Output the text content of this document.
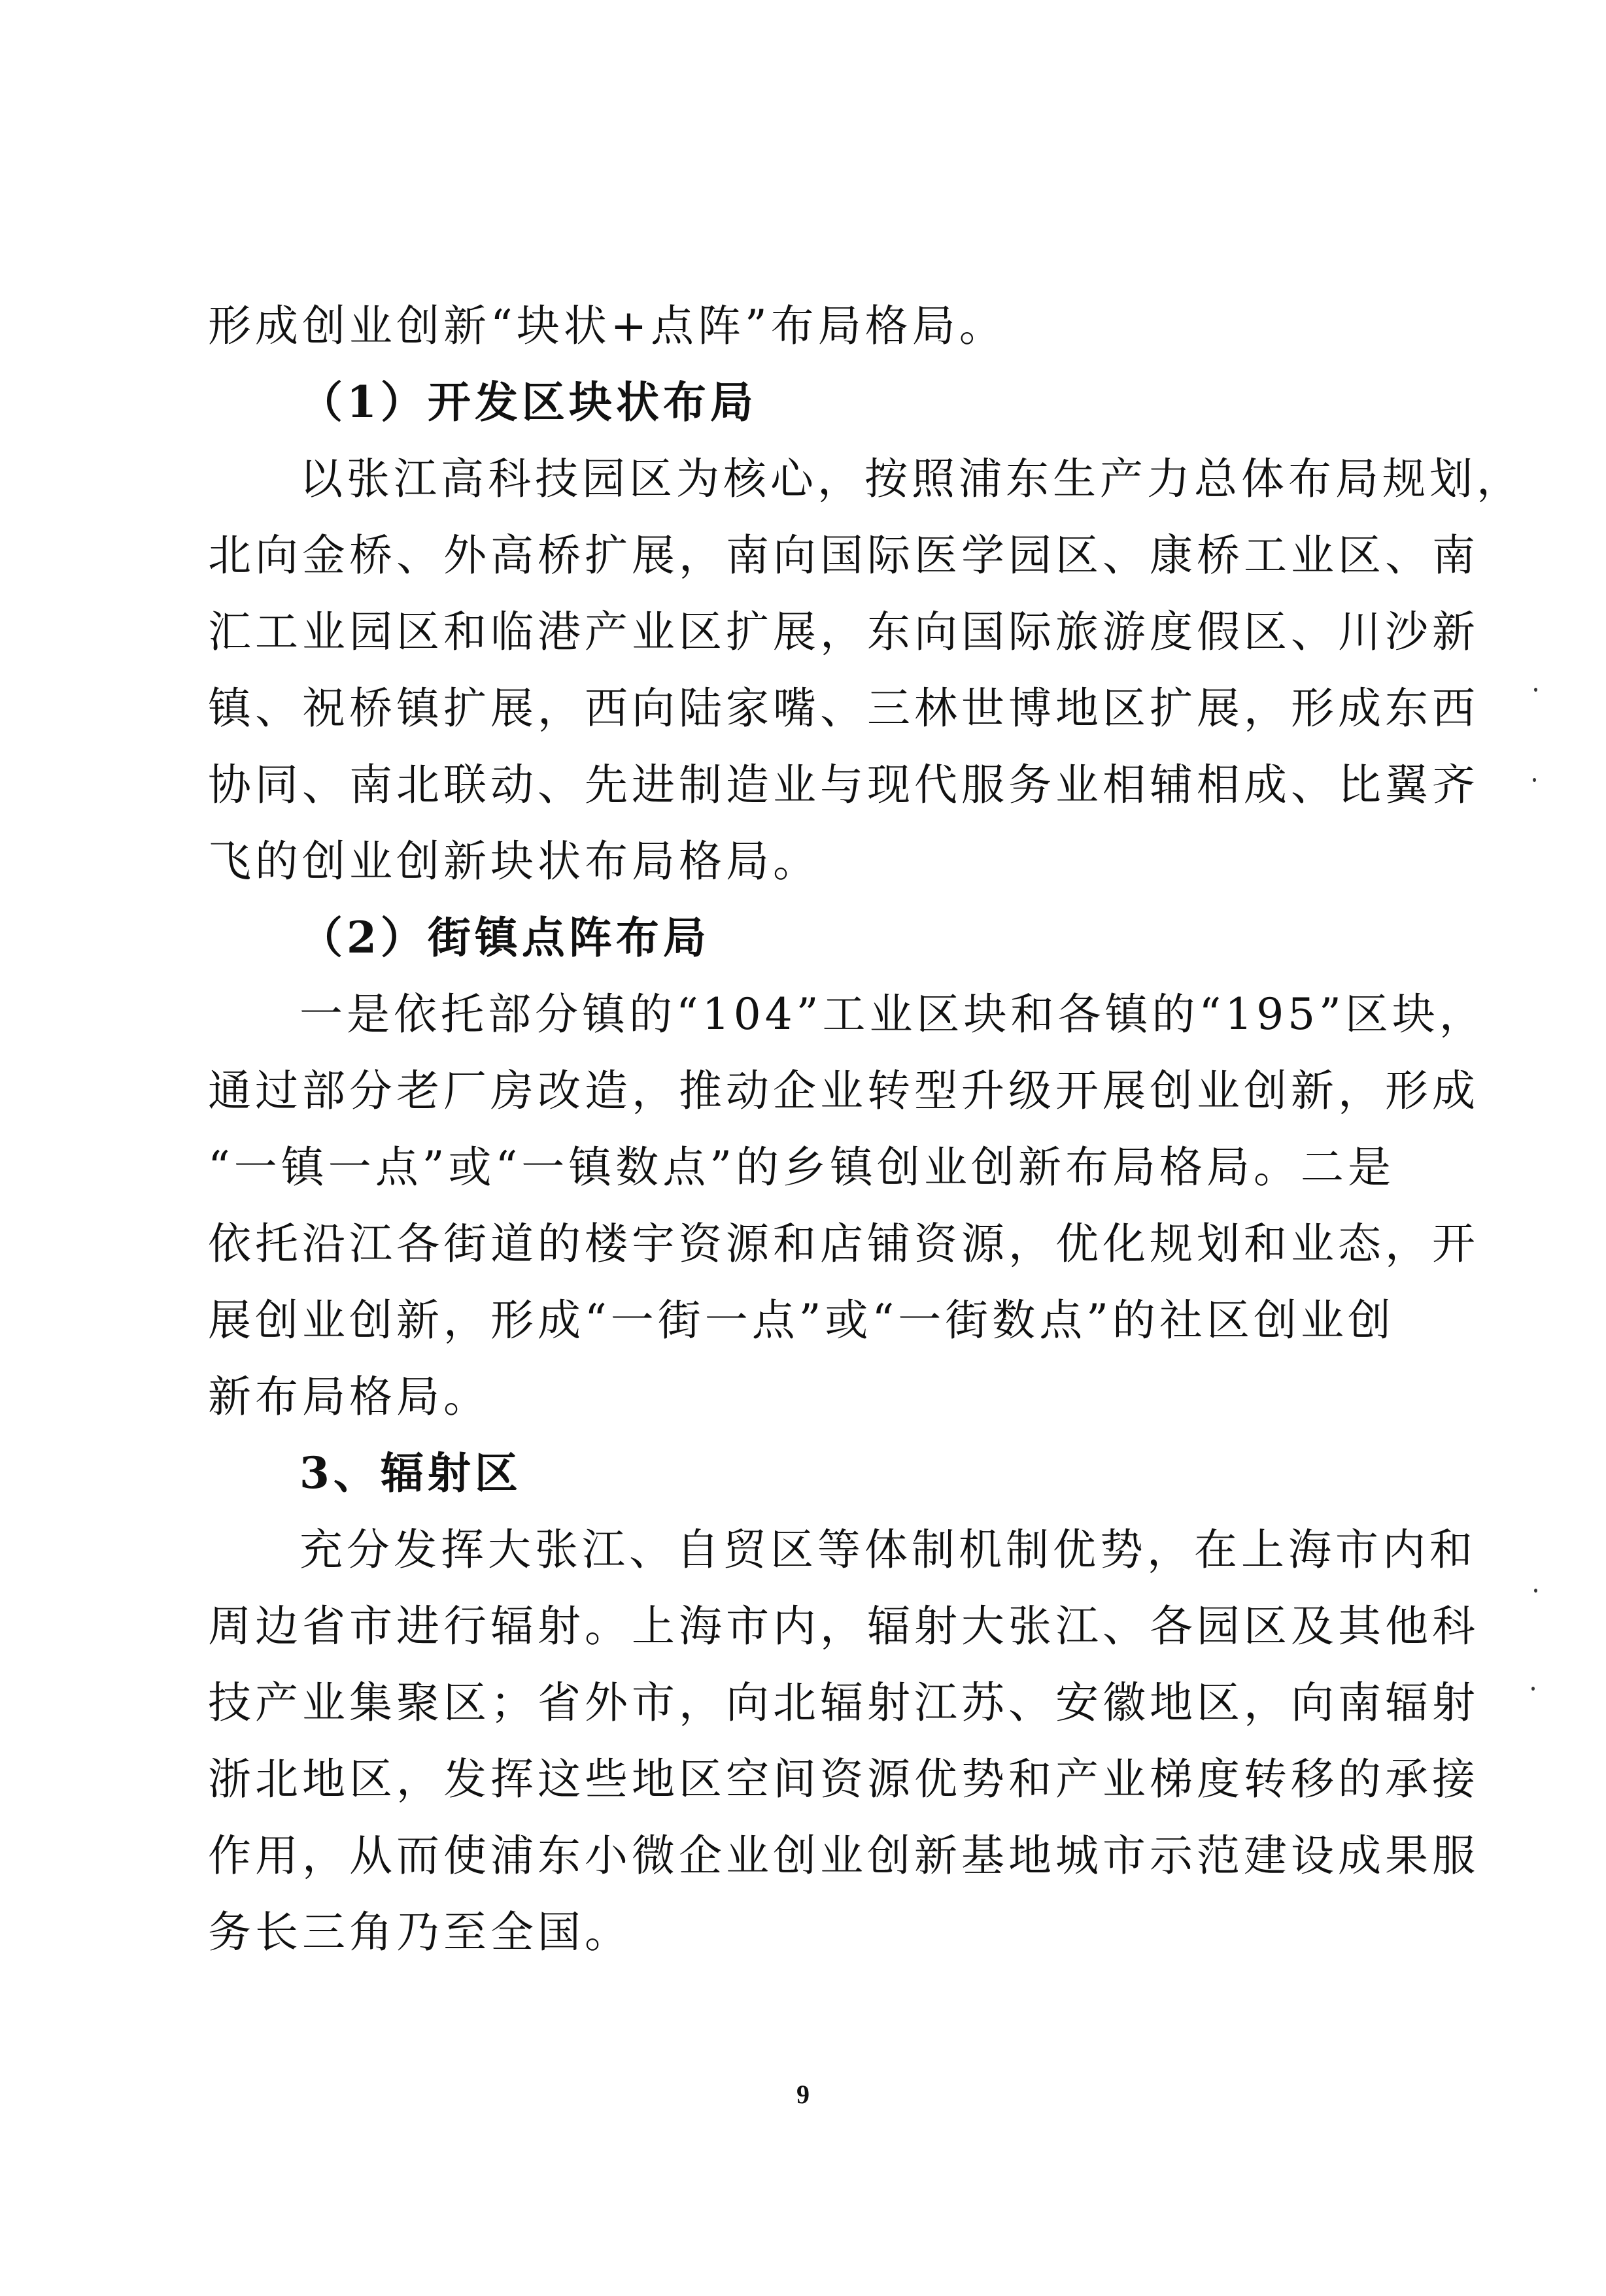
形成创业创新“块状+点阵”布局格局。
（1）开发区块状布局
以张江高科技园区为核心，按照浦东生产力总体布局规划，
北向金桥、外高桥扩展，南向国际医学园区、康桥工业区、南
汇工业园区和临港产业区扩展，东向国际旅游度假区、川沙新
镇、祝桥镇扩展，西向陆家嘴、三林世博地区扩展，形成东西
协同、南北联动、先进制造业与现代服务业相辅相成、比翼齐
飞的创业创新块状布局格局。
（2）街镇点阵布局
一是依托部分镇的“104”工业区块和各镇的“195”区块，
通过部分老厂房改造，推动企业转型升级开展创业创新，形成
“一镇一点”或“一镇数点”的乡镇创业创新布局格局。二是
依托沿江各街道的楼宇资源和店铺资源，优化规划和业态，开
展创业创新，形成“一街一点”或“一街数点”的社区创业创
新布局格局。
3、辐射区
充分发挥大张江、自贸区等体制机制优势，在上海市内和
周边省市进行辐射。上海市内，辐射大张江、各园区及其他科
技产业集聚区；省外市，向北辐射江苏、安徽地区，向南辐射
浙北地区，发挥这些地区空间资源优势和产业梯度转移的承接
作用，从而使浦东小微企业创业创新基地城市示范建设成果服
务长三角乃至全国。
9
